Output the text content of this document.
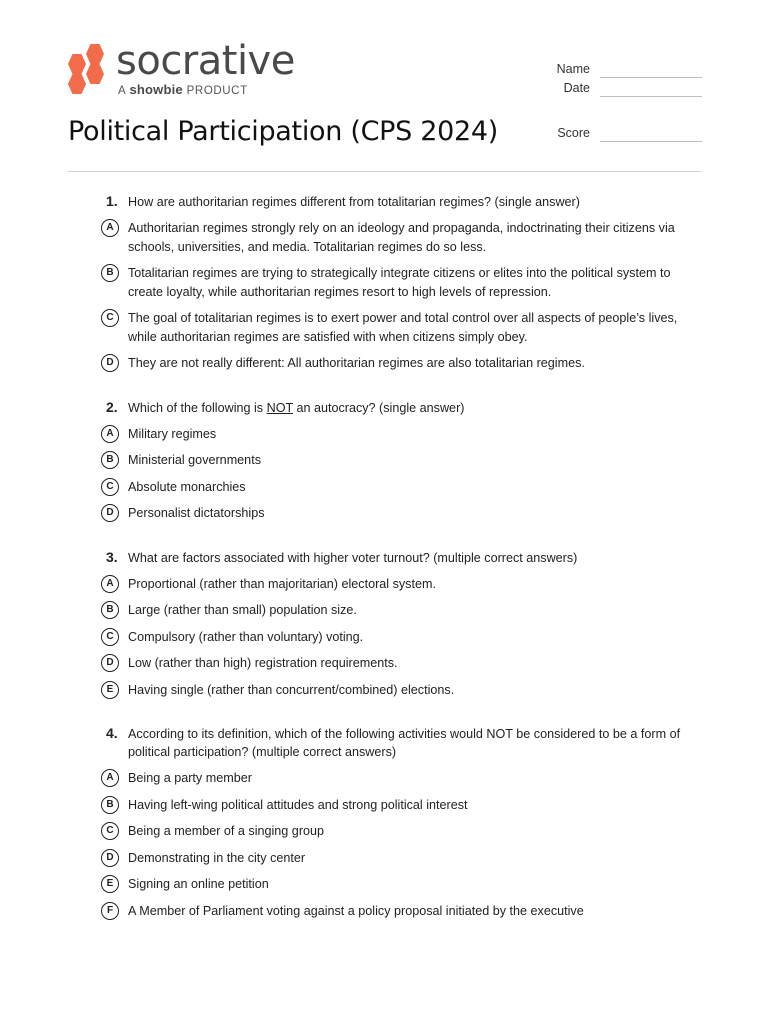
socrative
A showbie PRODUCT
Name
Date
Score
Political Participation (CPS 2024)
1. How are authoritarian regimes different from totalitarian regimes? (single answer)
A	Authoritarian regimes strongly rely on an ideology and propaganda, indoctrinating their citizens via schools, universities, and media. Totalitarian regimes do so less.
B	Totalitarian regimes are trying to strategically integrate citizens or elites into the political system to create loyalty, while authoritarian regimes resort to high levels of repression.
C	The goal of totalitarian regimes is to exert power and total control over all aspects of people’s lives, while authoritarian regimes are satisfied with when citizens simply obey.
D	They are not really different: All authoritarian regimes are also totalitarian regimes.
2. Which of the following is NOT an autocracy? (single answer)
A	Military regimes
B	Ministerial governments
C	Absolute monarchies
D	Personalist dictatorships
3. What are factors associated with higher voter turnout? (multiple correct answers)
A	Proportional (rather than majoritarian) electoral system.
B	Large (rather than small) population size.
C	Compulsory (rather than voluntary) voting.
D	Low (rather than high) registration requirements.
E	Having single (rather than concurrent/combined) elections.
4. According to its definition, which of the following activities would NOT be considered to be a form of political participation? (multiple correct answers)
A	Being a party member
B	Having left-wing political attitudes and strong political interest
C	Being a member of a singing group
D	Demonstrating in the city center
E	Signing an online petition
F	A Member of Parliament voting against a policy proposal initiated by the executive
